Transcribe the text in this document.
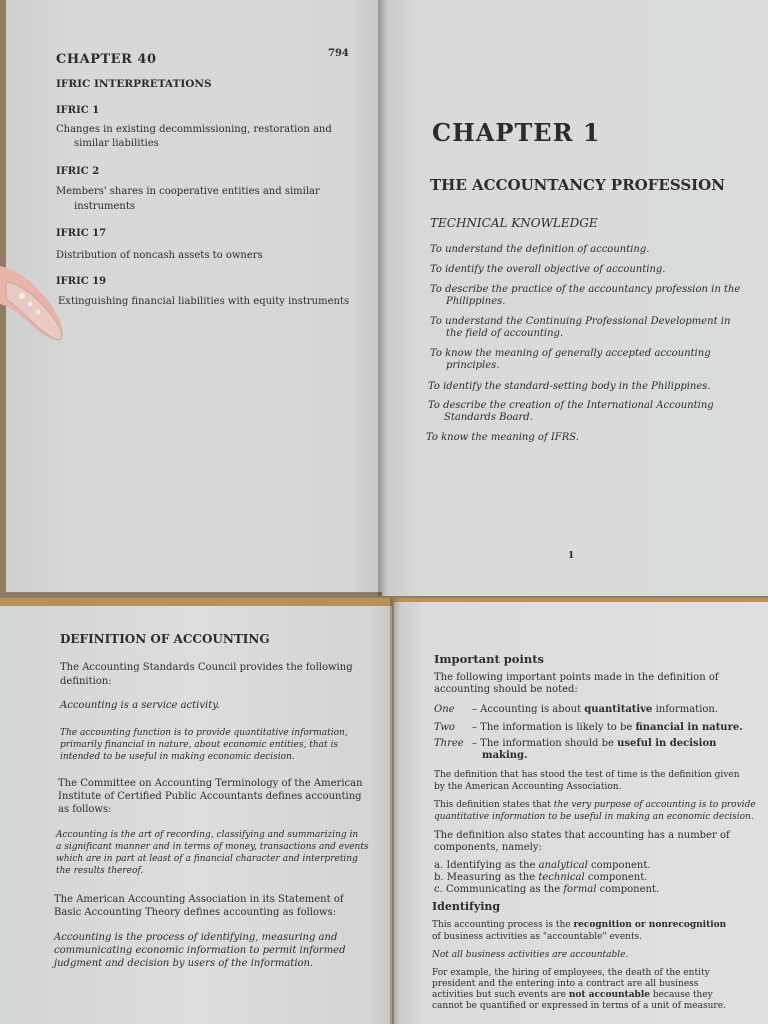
CHAPTER 40	794

IFRIC INTERPRETATIONS

IFRIC 1

Changes in existing decommissioning, restoration and

similar liabilities

IFRIC 2

Members' shares in cooperative entities and similar

instruments

IFRIC 17

Distribution of noncash assets to owners

IFRIC 19

Extinguishing financial liabilities with equity instruments

CHAPTER 1

THE ACCOUNTANCY PROFESSION

TECHNICAL KNOWLEDGE

To understand the definition of accounting.

To identify the overall objective of accounting.

To describe the practice of the accountancy profession in the

Philippines.

To understand the Continuing Professional Development in

the field of accounting.

To know the meaning of generally accepted accounting

principles.

To identify the standard-setting body in the Philippines.

To describe the creation of the International Accounting

Standards Board.

To know the meaning of IFRS.

1

DEFINITION OF ACCOUNTING

The Accounting Standards Council provides the following

definition:

Accounting is a service activity.

The accounting function is to provide quantitative information,

primarily financial in nature, about economic entities, that is

intended to be useful in making economic decision.

The Committee on Accounting Terminology of the American

Institute of Certified Public Accountants defines accounting

as follows:

Accounting is the art of recording, classifying and summarizing in

a significant manner and in terms of money, transactions and events

which are in part at least of a financial character and interpreting

the results thereof.

The American Accounting Association in its Statement of

Basic Accounting Theory defines accounting as follows:

Accounting is the process of identifying, measuring and

communicating economic information to permit informed

judgment and decision by users of the information.

Important points

The following important points made in the definition of

accounting should be noted:

One – Accounting is about quantitative information.

Two – The information is likely to be financial in nature.

Three – The information should be useful in decision

making.

The definition that has stood the test of time is the definition given

by the American Accounting Association.

This definition states that the very purpose of accounting is to provide

quantitative information to be useful in making an economic decision.

The definition also states that accounting has a number of

components, namely:

a. Identifying as the analytical component.

b. Measuring as the technical component.

c. Communicating as the formal component.

Identifying

This accounting process is the recognition or nonrecognition

of business activities as "accountable" events.

Not all business activities are accountable.

For example, the hiring of employees, the death of the entity

president and the entering into a contract are all business

activities but such events are not accountable because they

cannot be quantified or expressed in terms of a unit of measure.
